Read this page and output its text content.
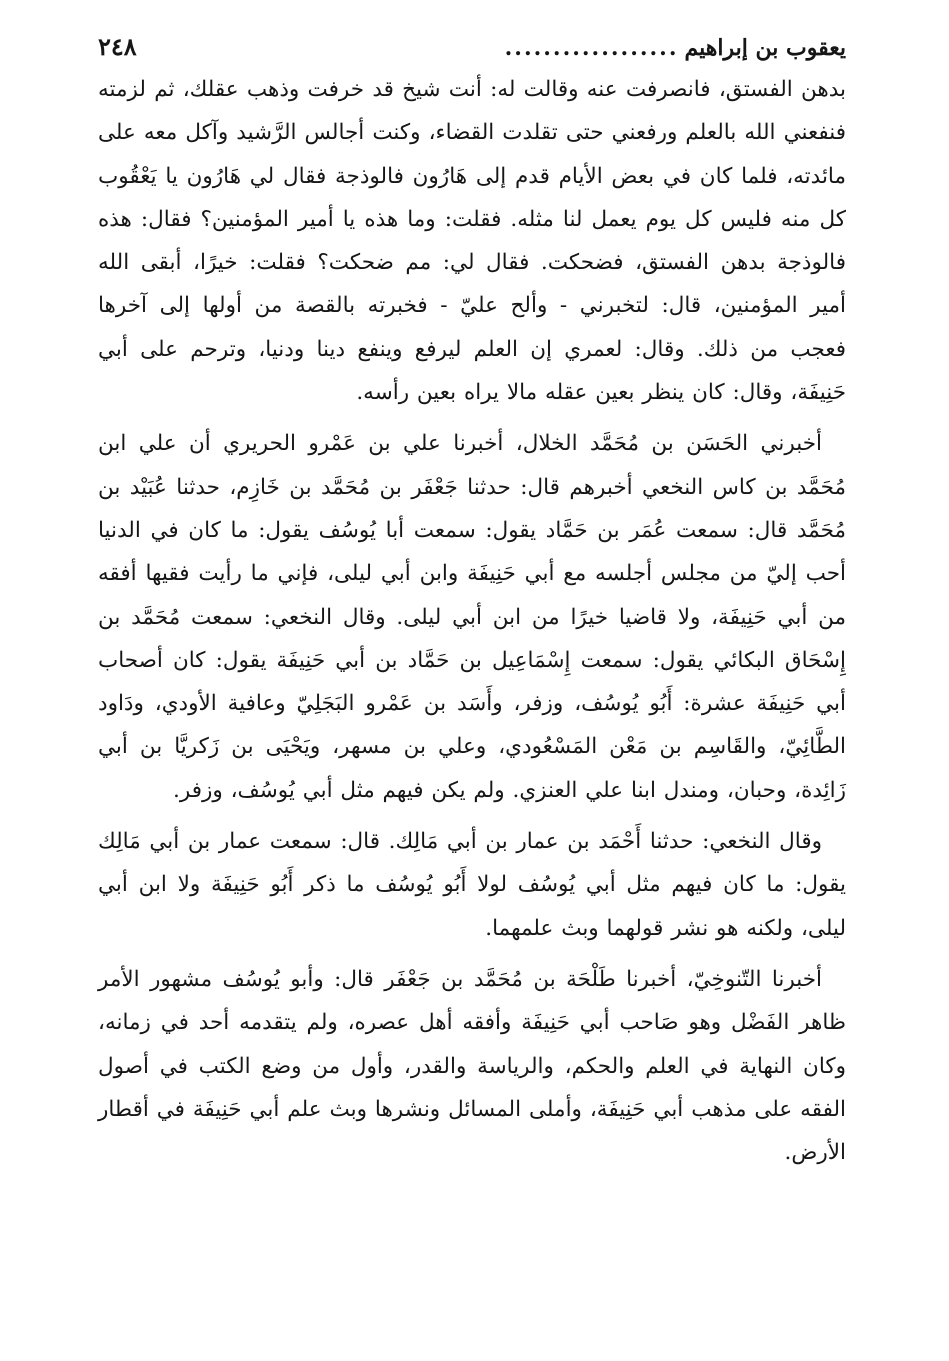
يعقوب بن إبراهيم
..................
٢٤٨

بدهن الفستق، فانصرفت عنه وقالت له: أنت شيخ قد خرفت وذهب عقلك، ثم لزمته فنفعني الله بالعلم ورفعني حتى تقلدت القضاء، وكنت أجالس الرَّشيد وآكل معه على مائدته، فلما كان في بعض الأيام قدم إلى هَارُون فالوذجة فقال لي هَارُون يا يَعْقُوب كل منه فليس كل يوم يعمل لنا مثله. فقلت: وما هذه يا أمير المؤمنين؟ فقال: هذه فالوذجة بدهن الفستق، فضحكت. فقال لي: مم ضحكت؟ فقلت: خيرًا، أبقى الله أمير المؤمنين، قال: لتخبرني - وألح عليّ - فخبرته بالقصة من أولها إلى آخرها فعجب من ذلك. وقال: لعمري إن العلم ليرفع وينفع دينا ودنيا، وترحم على أبي حَنِيفَة، وقال: كان ينظر بعين عقله مالا يراه بعين رأسه.

أخبرني الحَسَن بن مُحَمَّد الخلال، أخبرنا علي بن عَمْرو الحريري أن علي ابن مُحَمَّد بن كاس النخعي أخبرهم قال: حدثنا جَعْفَر بن مُحَمَّد بن خَازِم، حدثنا عُبَيْد بن مُحَمَّد قال: سمعت عُمَر بن حَمَّاد يقول: سمعت أبا يُوسُف يقول: ما كان في الدنيا أحب إليّ من مجلس أجلسه مع أبي حَنِيفَة وابن أبي ليلى، فإني ما رأيت فقيها أفقه من أبي حَنِيفَة، ولا قاضيا خيرًا من ابن أبي ليلى. وقال النخعي: سمعت مُحَمَّد بن إِسْحَاق البكائي يقول: سمعت إِسْمَاعِيل بن حَمَّاد بن أبي حَنِيفَة يقول: كان أصحاب أبي حَنِيفَة عشرة: أَبُو يُوسُف، وزفر، وأَسَد بن عَمْرو البَجَلِيّ وعافية الأودي، ودَاود الطَّائِيّ، والقَاسِم بن مَعْن المَسْعُودي، وعلي بن مسهر، ويَحْيَى بن زَكريَّا بن أبي زَائِدة، وحبان، ومندل ابنا علي العنزي. ولم يكن فيهم مثل أبي يُوسُف، وزفر.

وقال النخعي: حدثنا أَحْمَد بن عمار بن أبي مَالِك. قال: سمعت عمار بن أبي مَالِك يقول: ما كان فيهم مثل أبي يُوسُف لولا أَبُو يُوسُف ما ذكر أَبُو حَنِيفَة ولا ابن أبي ليلى، ولكنه هو نشر قولهما وبث علمهما.

أخبرنا التّنوخِيّ، أخبرنا طَلْحَة بن مُحَمَّد بن جَعْفَر قال: وأبو يُوسُف مشهور الأمر ظاهر الفَضْل وهو صَاحب أبي حَنِيفَة وأفقه أهل عصره، ولم يتقدمه أحد في زمانه، وكان النهاية في العلم والحكم، والرياسة والقدر، وأول من وضع الكتب في أصول الفقه على مذهب أبي حَنِيفَة، وأملى المسائل ونشرها وبث علم أبي حَنِيفَة في أقطار الأرض.
